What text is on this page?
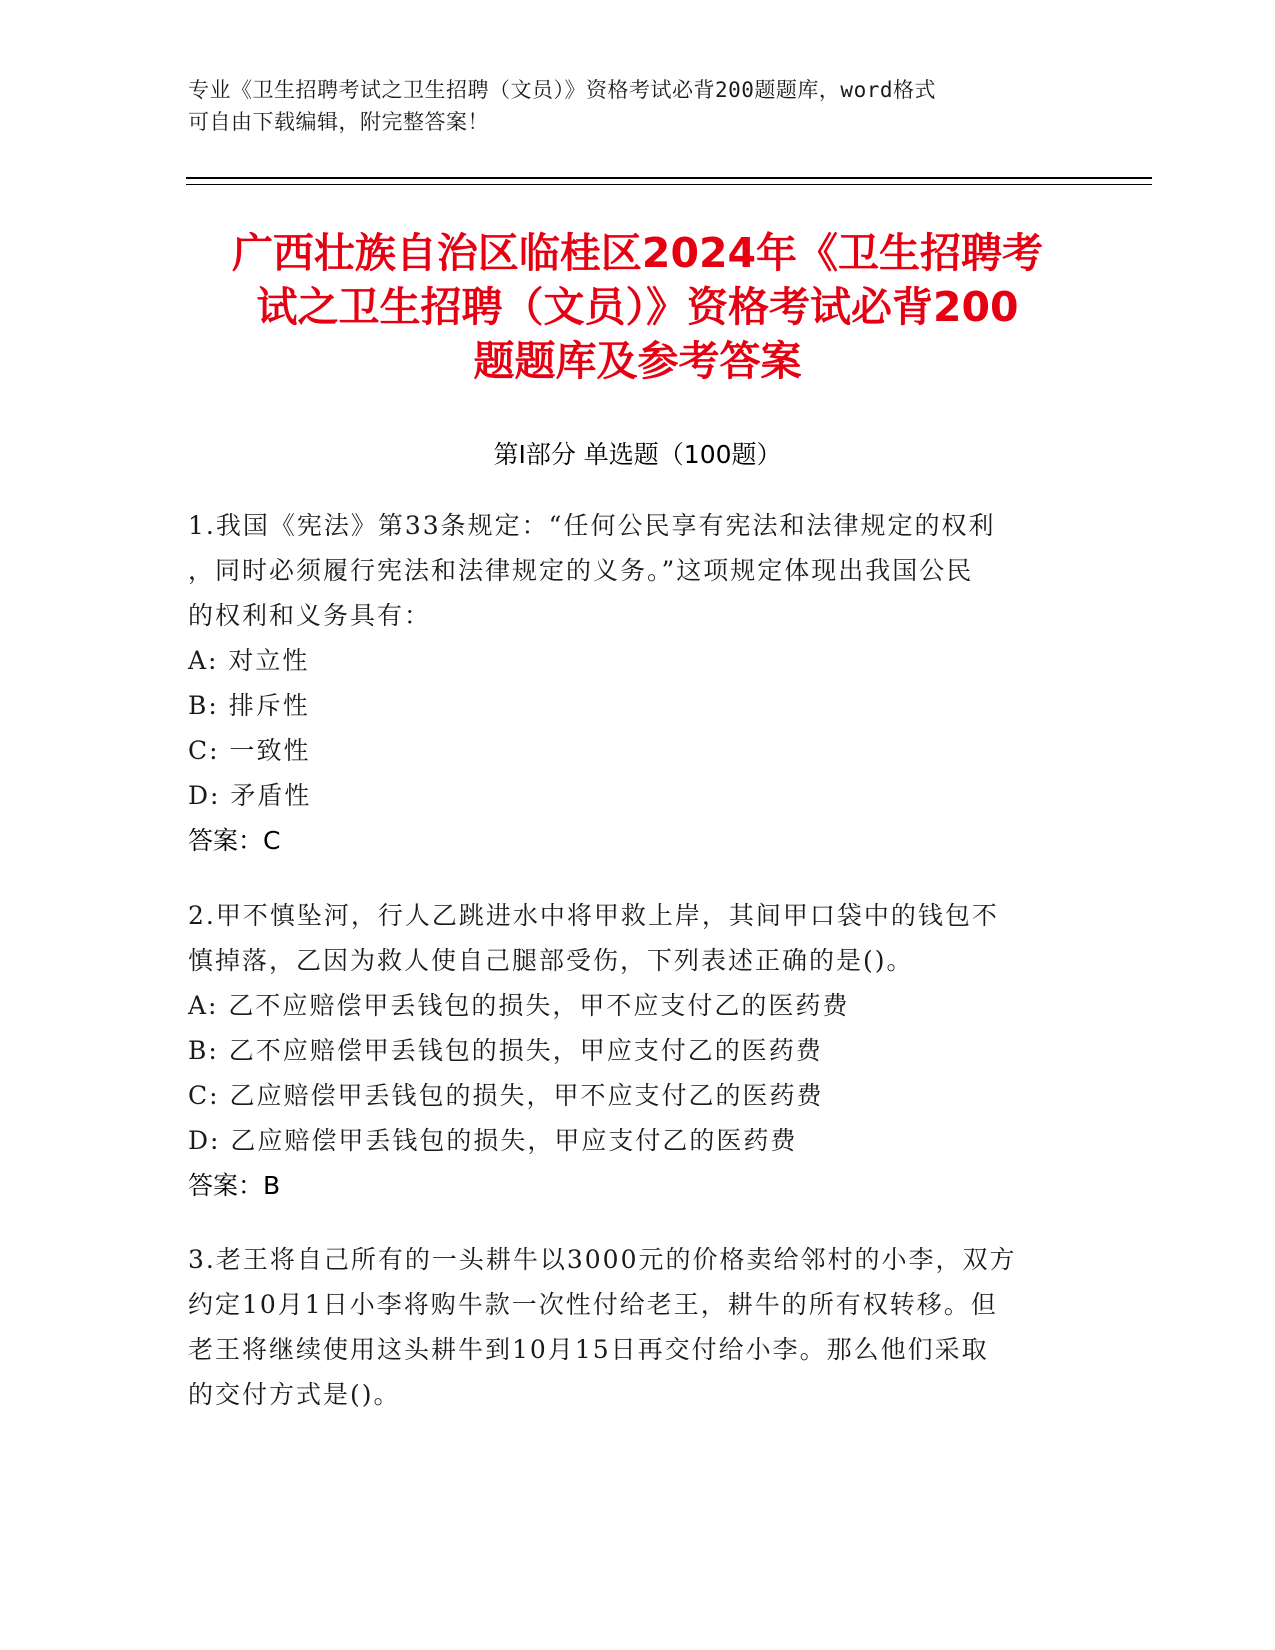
专业《卫生招聘考试之卫生招聘（文员）》资格考试必背200题题库，word格式
可自由下载编辑，附完整答案！
广西壮族自治区临桂区2024年《卫生招聘考
试之卫生招聘（文员）》资格考试必背200
题题库及参考答案
第Ⅰ部分 单选题（100题）
1.我国《宪法》第33条规定：“任何公民享有宪法和法律规定的权利
，同时必须履行宪法和法律规定的义务。”这项规定体现出我国公民
的权利和义务具有：
A: 对立性
B: 排斥性
C: 一致性
D: 矛盾性
答案：C
2.甲不慎坠河，行人乙跳进水中将甲救上岸，其间甲口袋中的钱包不
慎掉落，乙因为救人使自己腿部受伤，下列表述正确的是()。
A: 乙不应赔偿甲丢钱包的损失，甲不应支付乙的医药费
B: 乙不应赔偿甲丢钱包的损失，甲应支付乙的医药费
C: 乙应赔偿甲丢钱包的损失，甲不应支付乙的医药费
D: 乙应赔偿甲丢钱包的损失，甲应支付乙的医药费
答案：B
3.老王将自己所有的一头耕牛以3000元的价格卖给邻村的小李，双方
约定10月1日小李将购牛款一次性付给老王，耕牛的所有权转移。但
老王将继续使用这头耕牛到10月15日再交付给小李。那么他们采取
的交付方式是()。
